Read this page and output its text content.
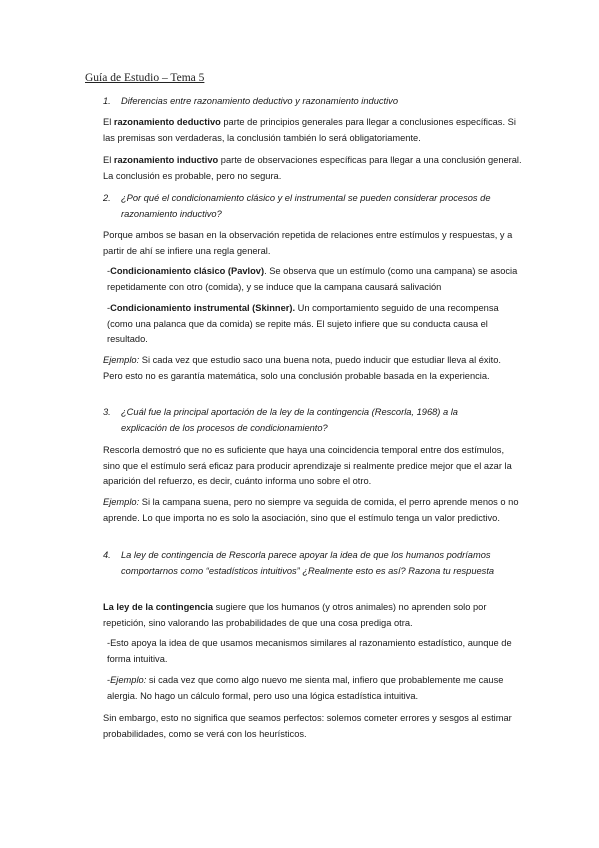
Guía de Estudio – Tema 5
1.	Diferencias entre razonamiento deductivo y razonamiento inductivo
El razonamiento deductivo parte de principios generales para llegar a conclusiones específicas. Si las premisas son verdaderas, la conclusión también lo será obligatoriamente.
El razonamiento inductivo parte de observaciones específicas para llegar a una conclusión general. La conclusión es probable, pero no segura.
2.	¿Por qué el condicionamiento clásico y el instrumental se pueden considerar procesos de razonamiento inductivo?
Porque ambos se basan en la observación repetida de relaciones entre estímulos y respuestas, y a partir de ahí se infiere una regla general.
-Condicionamiento clásico (Pavlov). Se observa que un estímulo (como una campana) se asocia repetidamente con otro (comida), y se induce que la campana causará salivación
-Condicionamiento instrumental (Skinner). Un comportamiento seguido de una recompensa (como una palanca que da comida) se repite más. El sujeto infiere que su conducta causa el resultado.
Ejemplo: Si cada vez que estudio saco una buena nota, puedo inducir que estudiar lleva al éxito. Pero esto no es garantía matemática, solo una conclusión probable basada en la experiencia.
3.	¿Cuál fue la principal aportación de la ley de la contingencia (Rescorla, 1968) a la explicación de los procesos de condicionamiento?
Rescorla demostró que no es suficiente que haya una coincidencia temporal entre dos estímulos, sino que el estímulo será eficaz para producir aprendizaje si realmente predice mejor que el azar la aparición del refuerzo, es decir, cuánto informa uno sobre el otro.
Ejemplo: Si la campana suena, pero no siempre va seguida de comida, el perro aprende menos o no aprende. Lo que importa no es solo la asociación, sino que el estímulo tenga un valor predictivo.
4.	La ley de contingencia de Rescorla parece apoyar la idea de que los humanos podríamos comportarnos como “estadísticos intuitivos” ¿Realmente esto es así? Razona tu respuesta
La ley de la contingencia sugiere que los humanos (y otros animales) no aprenden solo por repetición, sino valorando las probabilidades de que una cosa prediga otra.
-Esto apoya la idea de que usamos mecanismos similares al razonamiento estadístico, aunque de forma intuitiva.
-Ejemplo: si cada vez que como algo nuevo me sienta mal, infiero que probablemente me cause alergia. No hago un cálculo formal, pero uso una lógica estadística intuitiva.
Sin embargo, esto no significa que seamos perfectos: solemos cometer errores y sesgos al estimar probabilidades, como se verá con los heurísticos.
